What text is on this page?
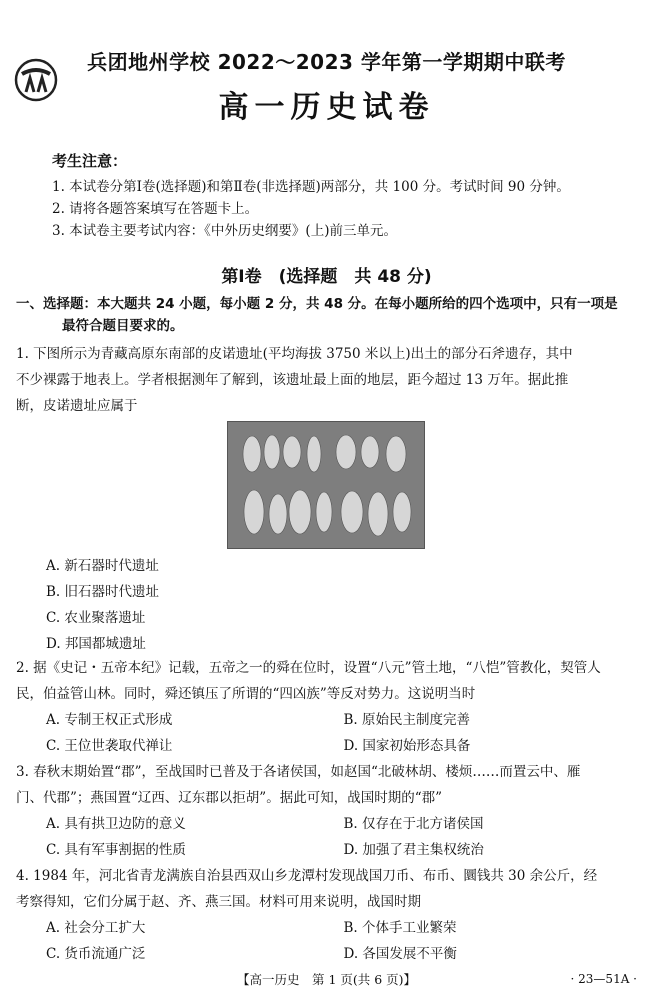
兵团地州学校 2022～2023 学年第一学期期中联考
高一历史试卷
考生注意：
1. 本试卷分第Ⅰ卷(选择题)和第Ⅱ卷(非选择题)两部分，共 100 分。考试时间 90 分钟。
2. 请将各题答案填写在答题卡上。
3. 本试卷主要考试内容：《中外历史纲要》(上)前三单元。
第Ⅰ卷　(选择题　共 48 分)
一、选择题：本大题共 24 小题，每小题 2 分，共 48 分。在每小题所给的四个选项中，只有一项是
最符合题目要求的。
1. 下图所示为青藏高原东南部的皮诺遗址(平均海拔 3750 米以上)出土的部分石斧遗存，其中
不少裸露于地表上。学者根据测年了解到，该遗址最上面的地层，距今超过 13 万年。据此推
断，皮诺遗址应属于
A. 新石器时代遗址
B. 旧石器时代遗址
C. 农业聚落遗址
D. 邦国都城遗址
2. 据《史记・五帝本纪》记载，五帝之一的舜在位时，设置“八元”管土地，“八恺”管教化，契管人
民，伯益管山林。同时，舜还镇压了所谓的“四凶族”等反对势力。这说明当时
A. 专制王权正式形成	B. 原始民主制度完善
C. 王位世袭取代禅让	D. 国家初始形态具备
3. 春秋末期始置“郡”，至战国时已普及于各诸侯国，如赵国“北破林胡、楼烦……而置云中、雁
门、代郡”；燕国置“辽西、辽东郡以拒胡”。据此可知，战国时期的“郡”
A. 具有拱卫边防的意义	B. 仅存在于北方诸侯国
C. 具有军事割据的性质	D. 加强了君主集权统治
4. 1984 年，河北省青龙满族自治县西双山乡龙潭村发现战国刀币、布币、圜钱共 30 余公斤，经
考察得知，它们分属于赵、齐、燕三国。材料可用来说明，战国时期
A. 社会分工扩大	B. 个体手工业繁荣
C. 货币流通广泛	D. 各国发展不平衡
【高一历史　第 1 页(共 6 页)】	· 23—51A ·
